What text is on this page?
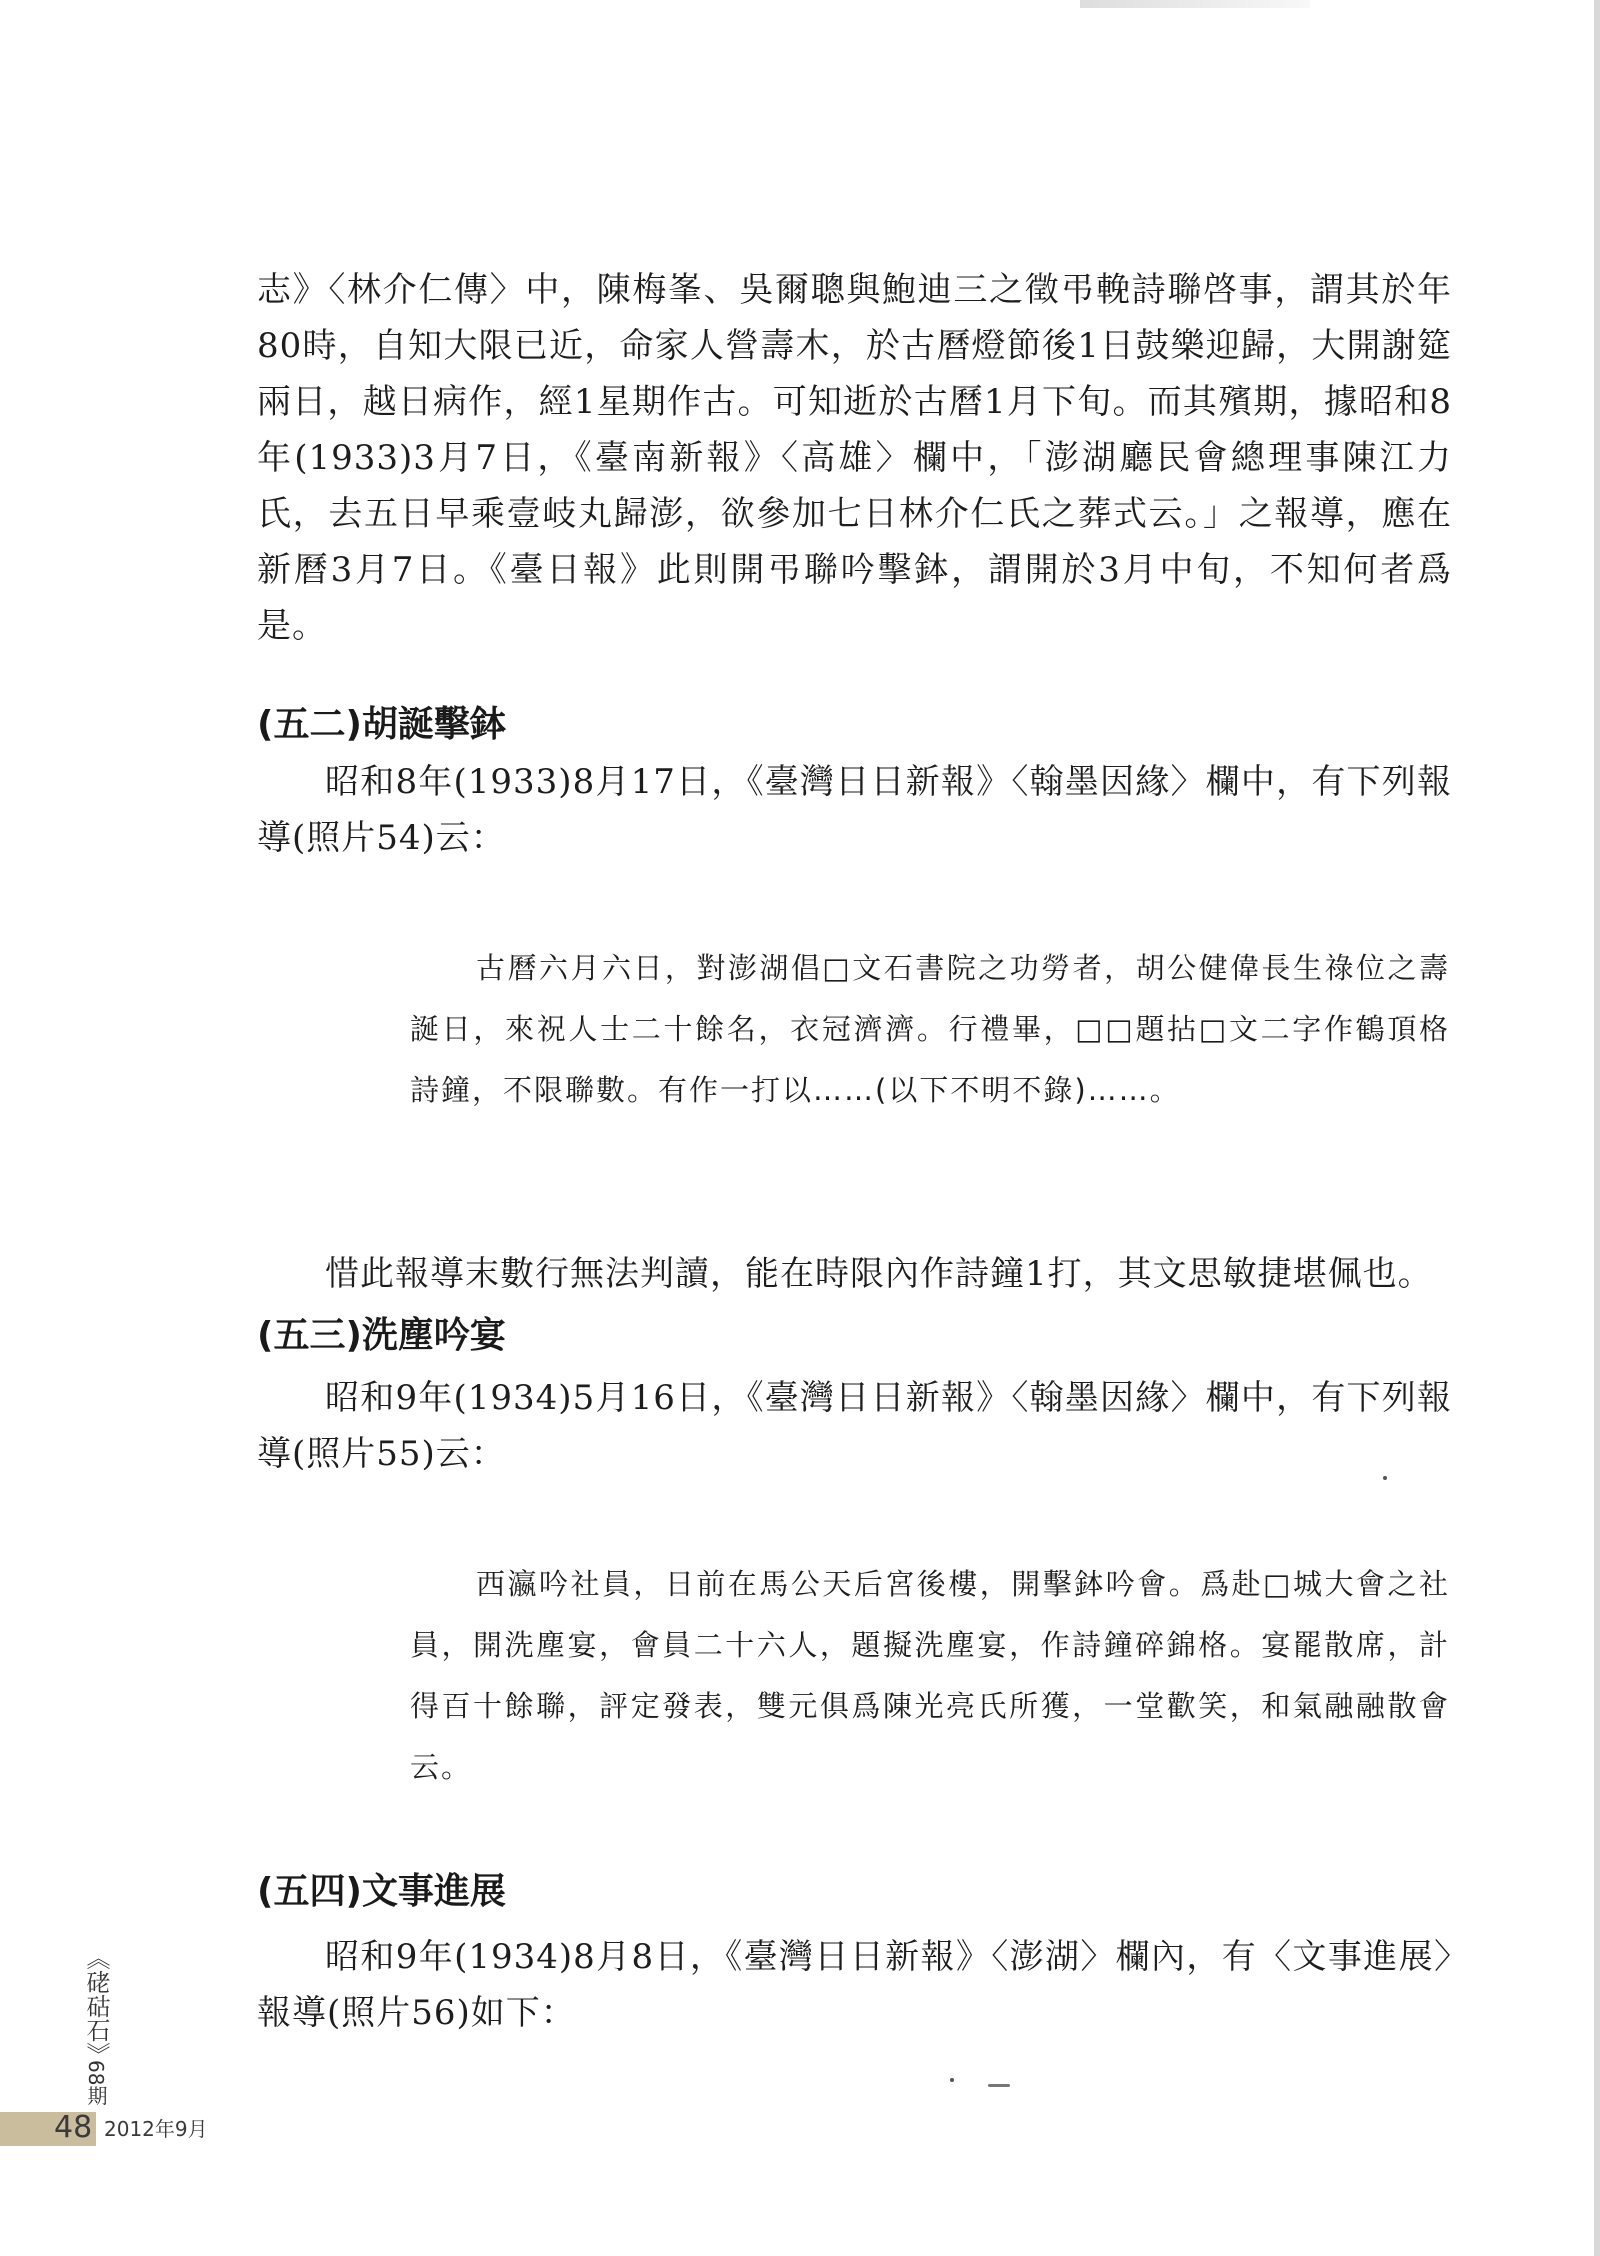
志》〈林介仁傳〉中，陳梅峯、吳爾聰與鮑迪三之徵弔輓詩聯啓事，謂其於年80時，自知大限已近，命家人營壽木，於古曆燈節後1日鼓樂迎歸，大開謝筵兩日，越日病作，經1星期作古。可知逝於古曆1月下旬。而其殯期，據昭和8年(1933)3月7日，《臺南新報》〈高雄〉欄中，「澎湖廳民會總理事陳江力氏，去五日早乘壹岐丸歸澎，欲參加七日林介仁氏之葬式云。」之報導，應在新曆3月7日。《臺日報》此則開弔聯吟擊鉢，謂開於3月中旬，不知何者爲是。

(五二)胡誕擊鉢

昭和8年(1933)8月17日，《臺灣日日新報》〈翰墨因緣〉欄中，有下列報導(照片54)云：

古曆六月六日，對澎湖倡□文石書院之功勞者，胡公健偉長生祿位之壽誕日，來祝人士二十餘名，衣冠濟濟。行禮畢，□□題拈□文二字作鶴頂格詩鐘，不限聯數。有作一打以……(以下不明不錄)……。

惜此報導末數行無法判讀，能在時限內作詩鐘1打，其文思敏捷堪佩也。

(五三)洗塵吟宴

昭和9年(1934)5月16日，《臺灣日日新報》〈翰墨因緣〉欄中，有下列報導(照片55)云：

西瀛吟社員，日前在馬公天后宮後樓，開擊鉢吟會。爲赴□城大會之社員，開洗塵宴，會員二十六人，題擬洗塵宴，作詩鐘碎錦格。宴罷散席，計得百十餘聯，評定發表，雙元俱爲陳光亮氏所獲，一堂歡笑，和氣融融散會云。

(五四)文事進展

昭和9年(1934)8月8日，《臺灣日日新報》〈澎湖〉欄內，有〈文事進展〉報導(照片56)如下：

《硓𥑮石》
68期
48 2012年9月
